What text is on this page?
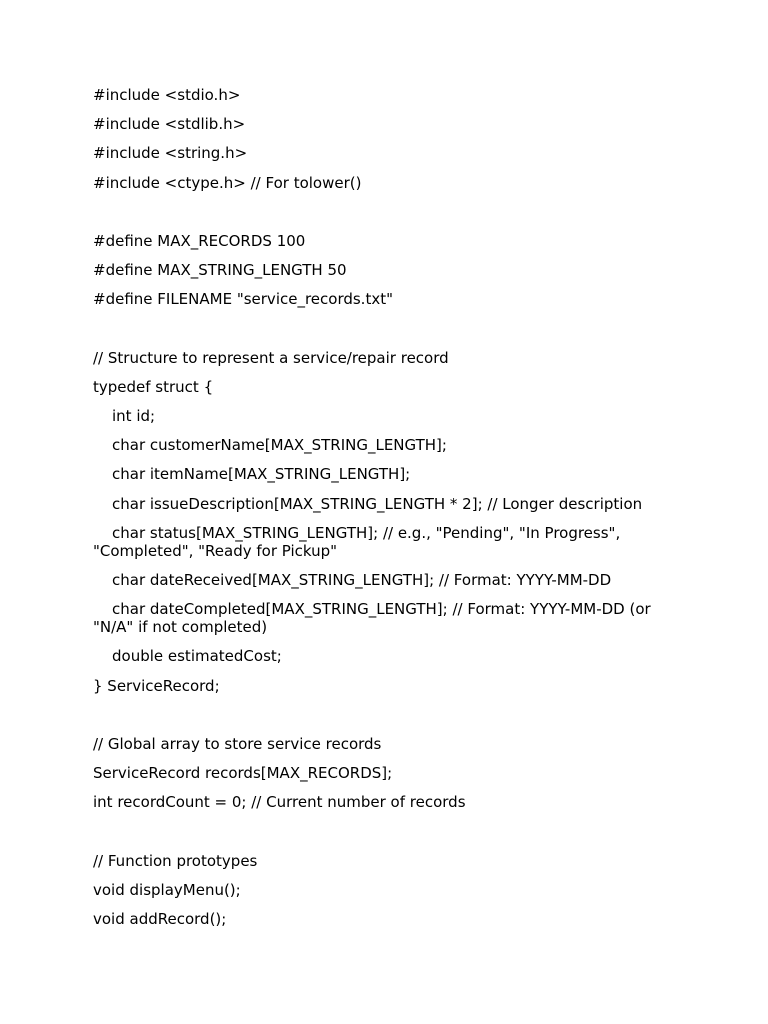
#include <stdio.h>
#include <stdlib.h>
#include <string.h>
#include <ctype.h> // For tolower()
#define MAX_RECORDS 100
#define MAX_STRING_LENGTH 50
#define FILENAME "service_records.txt"
// Structure to represent a service/repair record
typedef struct {
int id;
char customerName[MAX_STRING_LENGTH];
char itemName[MAX_STRING_LENGTH];
char issueDescription[MAX_STRING_LENGTH * 2]; // Longer description
char status[MAX_STRING_LENGTH]; // e.g., "Pending", "In Progress", "Completed", "Ready for Pickup"
char dateReceived[MAX_STRING_LENGTH]; // Format: YYYY-MM-DD
char dateCompleted[MAX_STRING_LENGTH]; // Format: YYYY-MM-DD (or "N/A" if not completed)
double estimatedCost;
} ServiceRecord;
// Global array to store service records
ServiceRecord records[MAX_RECORDS];
int recordCount = 0; // Current number of records
// Function prototypes
void displayMenu();
void addRecord();
